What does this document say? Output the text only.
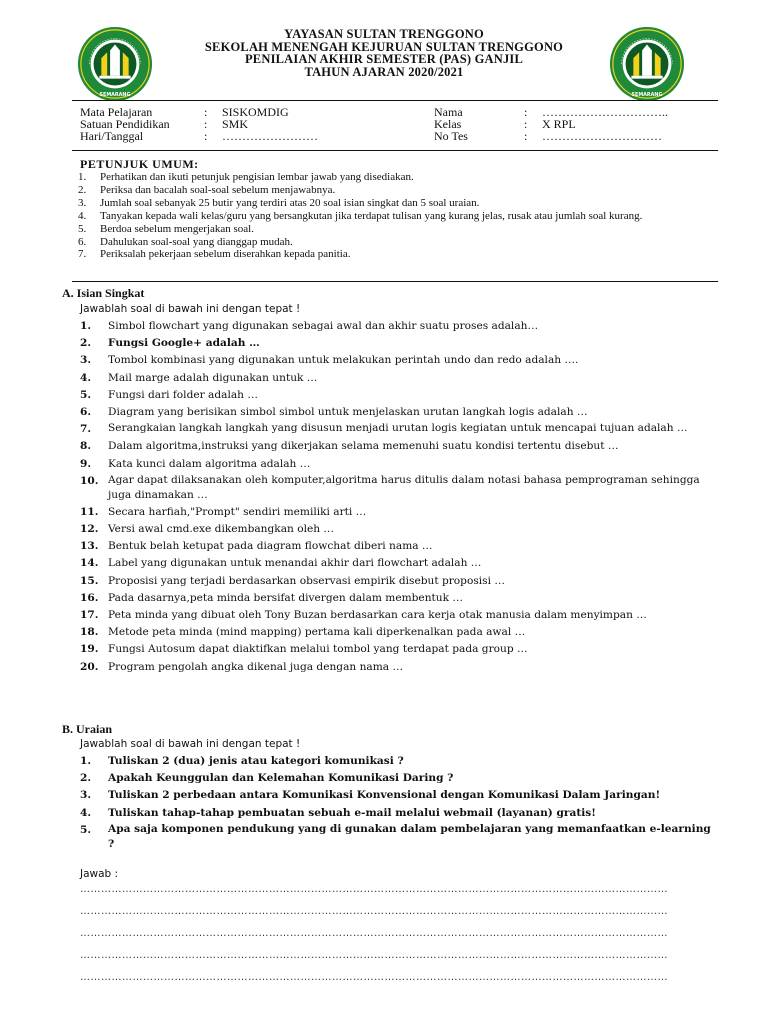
SEMARANG
YAYASAN SULTAN TRENGGONO
SEKOLAH MENENGAH KEJURUAN SULTAN TRENGGONO
PENILAIAN AKHIR SEMESTER (PAS) GANJIL
TAHUN AJARAN 2020/2021
SEMARANG
Mata Pelajaran	:	SISKOMDIG
Satuan Pendidikan	:	SMK
Hari/Tanggal	:	……………………
Nama	:	…………………………..
Kelas	:	X RPL
No Tes	:	…………………………
PETUNJUK UMUM:
1.	Perhatikan dan ikuti petunjuk pengisian lembar jawab yang disediakan.
2.	Periksa dan bacalah soal-soal sebelum menjawabnya.
3.	Jumlah soal sebanyak 25 butir yang terdiri atas 20 soal isian singkat dan 5 soal uraian.
4.	Tanyakan kepada wali kelas/guru yang bersangkutan jika terdapat tulisan yang kurang jelas, rusak atau jumlah soal kurang.
5.	Berdoa sebelum mengerjakan soal.
6.	Dahulukan soal-soal yang dianggap mudah.
7.	Periksalah pekerjaan sebelum diserahkan kepada panitia.
A. Isian Singkat
Jawablah soal di bawah ini dengan tepat !
1.	Simbol flowchart yang digunakan sebagai awal dan akhir suatu proses adalah…
2.	Fungsi Google+ adalah …
3.	Tombol kombinasi yang digunakan untuk melakukan perintah undo dan redo adalah ….
4.	Mail marge adalah digunakan untuk …
5.	Fungsi dari folder adalah …
6.	Diagram yang berisikan simbol simbol untuk menjelaskan urutan langkah logis adalah …
7.	Serangkaian langkah langkah yang disusun menjadi urutan logis kegiatan untuk mencapai tujuan adalah …
8.	Dalam algoritma,instruksi yang dikerjakan selama memenuhi suatu kondisi tertentu disebut …
9.	Kata kunci dalam algoritma adalah …
10. Agar dapat dilaksanakan oleh komputer,algoritma harus ditulis dalam notasi bahasa pemprograman sehingga juga dinamakan …
11. Secara harfiah,"Prompt" sendiri memiliki arti …
12. Versi awal cmd.exe dikembangkan oleh …
13. Bentuk belah ketupat pada diagram flowchat diberi nama …
14. Label yang digunakan untuk menandai akhir dari flowchart adalah …
15. Proposisi yang terjadi berdasarkan observasi empirik disebut proposisi …
16. Pada dasarnya,peta minda bersifat divergen dalam membentuk …
17. Peta minda yang dibuat oleh Tony Buzan berdasarkan cara kerja otak manusia dalam menyimpan …
18. Metode peta minda (mind mapping) pertama kali diperkenalkan pada awal …
19. Fungsi Autosum dapat diaktifkan melalui tombol yang terdapat pada group …
20. Program pengolah angka dikenal juga dengan nama …
B. Uraian
Jawablah soal di bawah ini dengan tepat !
1.	Tuliskan 2 (dua) jenis atau kategori komunikasi ?
2.	Apakah Keunggulan dan Kelemahan Komunikasi Daring ?
3.	Tuliskan 2 perbedaan antara Komunikasi Konvensional dengan Komunikasi Dalam Jaringan!
4.	Tuliskan tahap-tahap pembuatan sebuah e-mail melalui webmail (layanan) gratis!
5.	Apa saja komponen pendukung yang di gunakan dalam pembelajaran yang memanfaatkan e-learning ?
Jawab :
……………………………………………………………………………………………………………………………………………………
……………………………………………………………………………………………………………………………………………………
……………………………………………………………………………………………………………………………………………………
……………………………………………………………………………………………………………………………………………………
……………………………………………………………………………………………………………………………………………………
